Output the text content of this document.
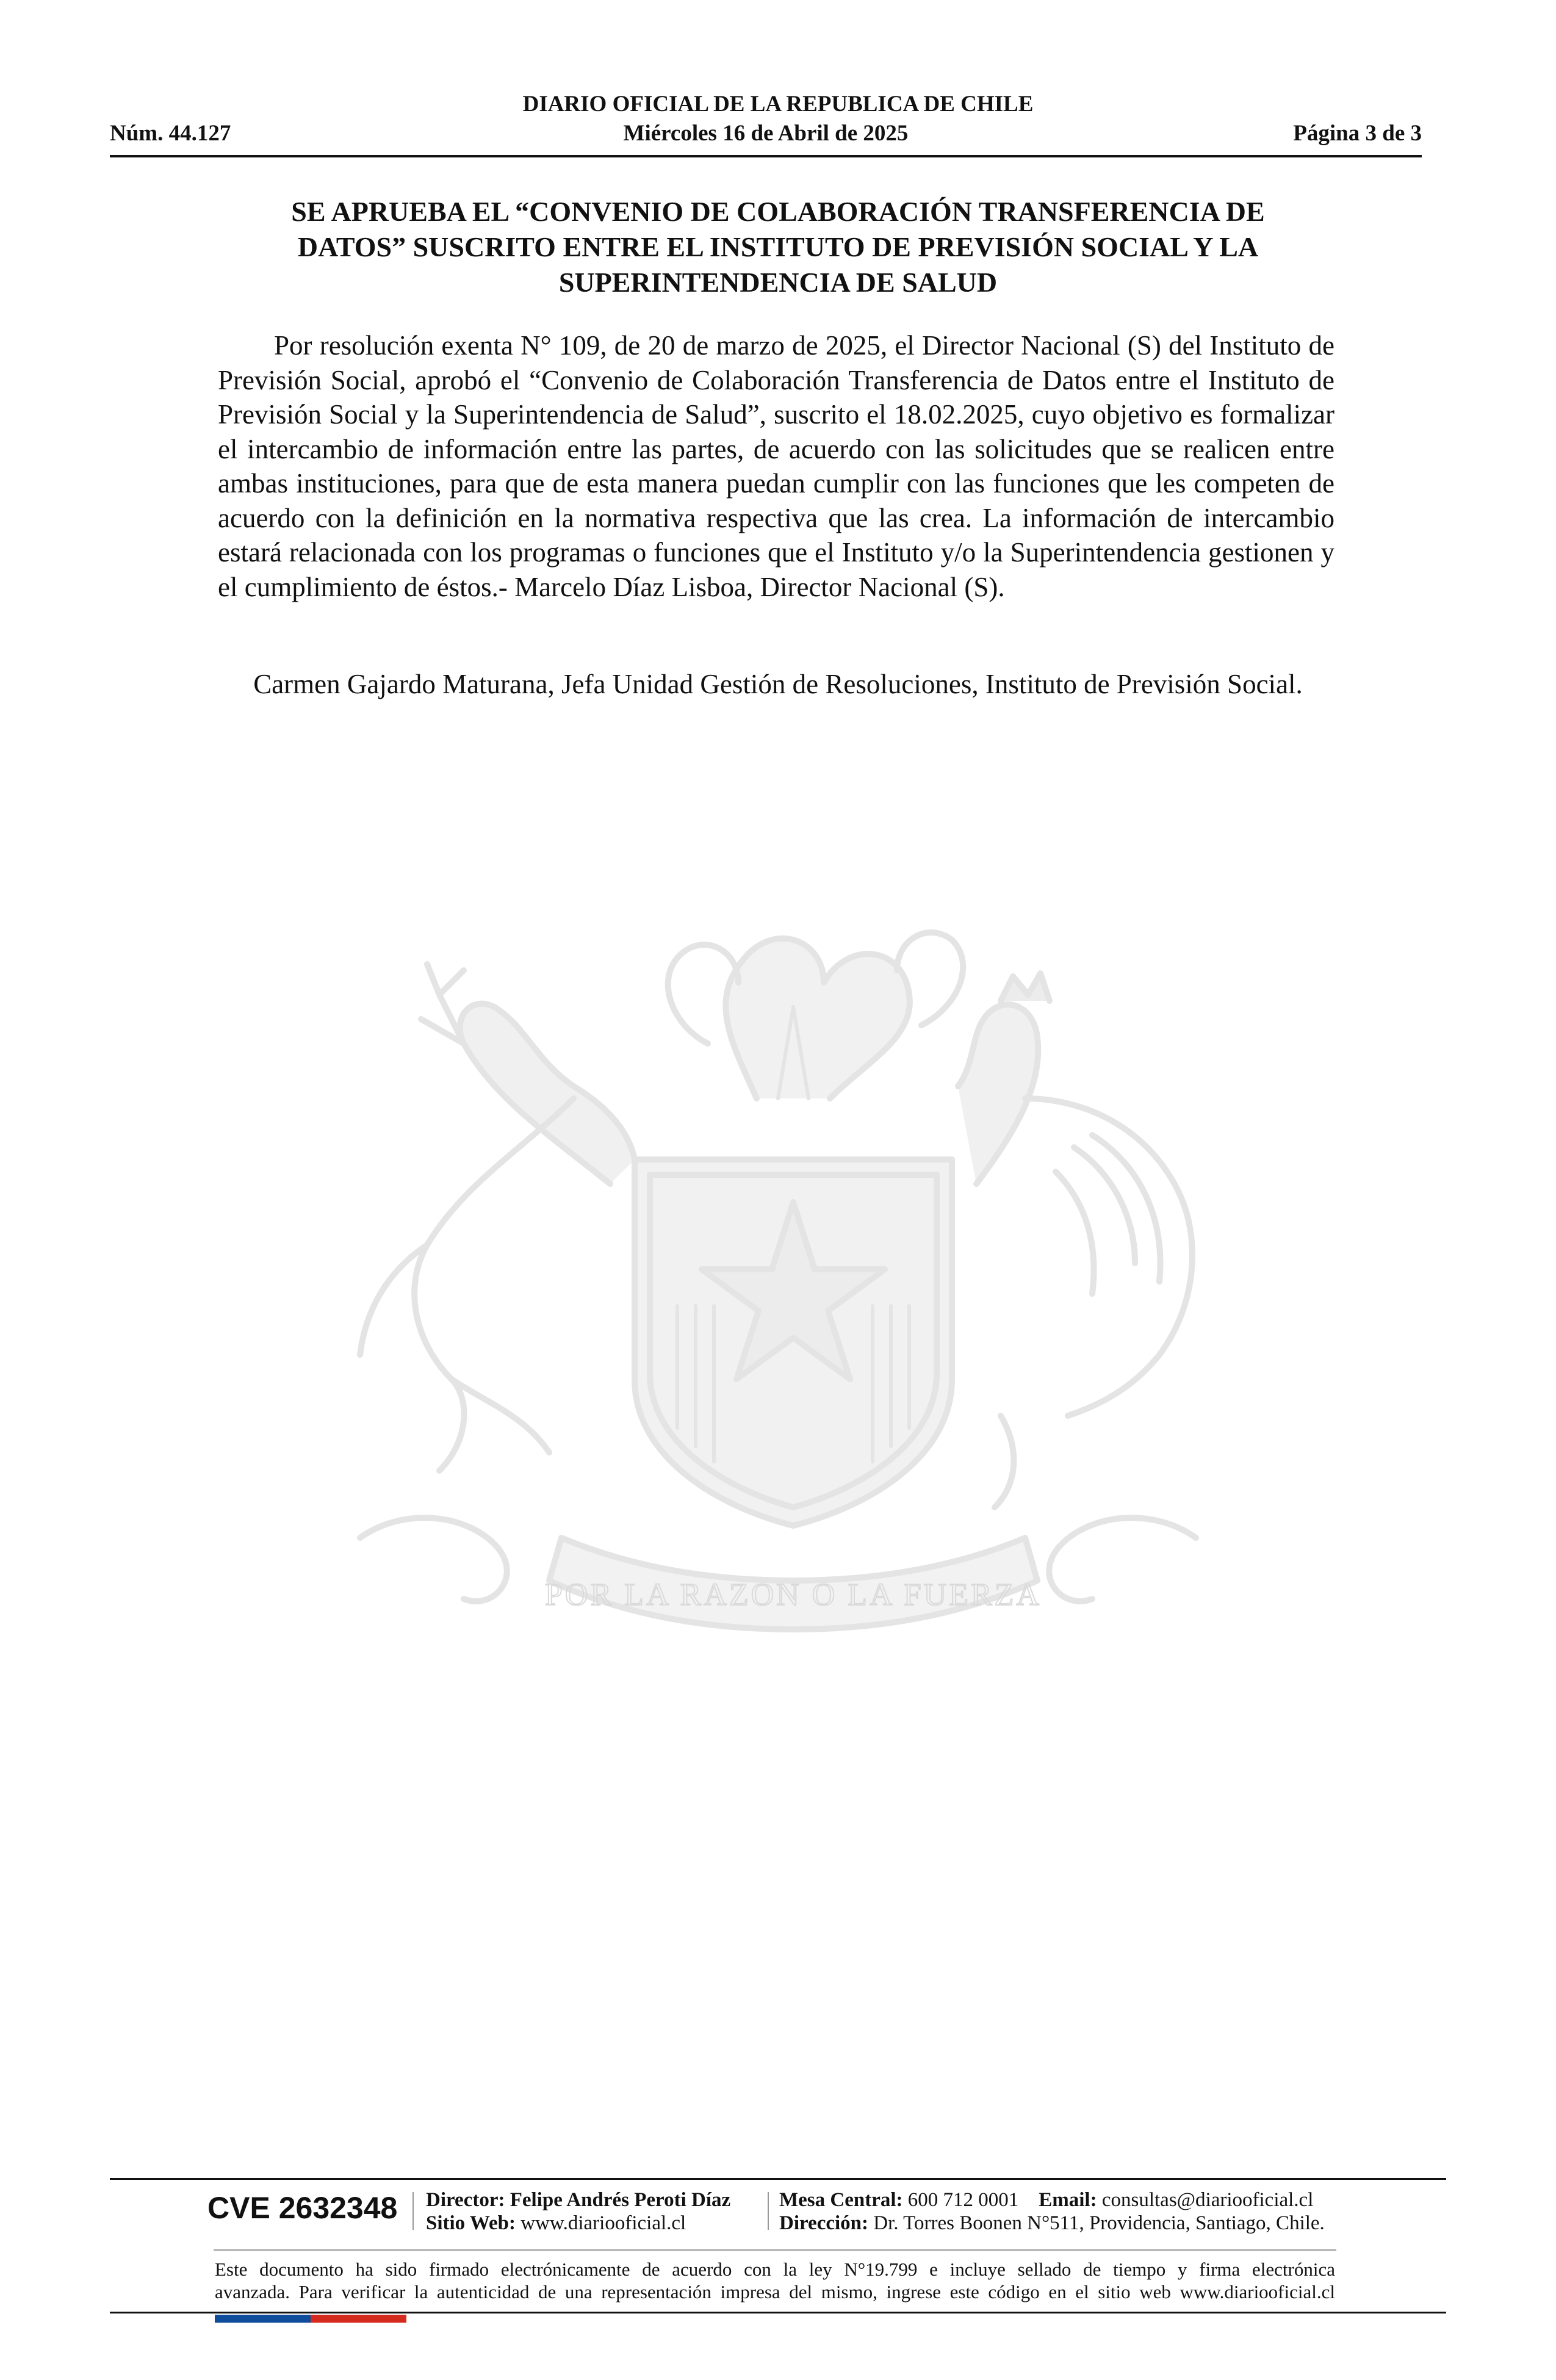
DIARIO OFICIAL DE LA REPUBLICA DE CHILE
Núm. 44.127	Miércoles 16 de Abril de 2025	Página 3 de 3
SE APRUEBA EL “CONVENIO DE COLABORACIÓN TRANSFERENCIA DE
DATOS” SUSCRITO ENTRE EL INSTITUTO DE PREVISIÓN SOCIAL Y LA
SUPERINTENDENCIA DE SALUD

Por resolución exenta N° 109, de 20 de marzo de 2025, el Director Nacional (S) del Instituto de Previsión Social, aprobó el “Convenio de Colaboración Transferencia de Datos entre el Instituto de Previsión Social y la Superintendencia de Salud”, suscrito el 18.02.2025, cuyo objetivo es formalizar el intercambio de información entre las partes, de acuerdo con las solicitudes que se realicen entre ambas instituciones, para que de esta manera puedan cumplir con las funciones que les competen de acuerdo con la definición en la normativa respectiva que las crea. La información de intercambio estará relacionada con los programas o funciones que el Instituto y/o la Superintendencia gestionen y el cumplimiento de éstos.- Marcelo Díaz Lisboa, Director Nacional (S).

Carmen Gajardo Maturana, Jefa Unidad Gestión de Resoluciones, Instituto de Previsión Social.

POR LA RAZON O LA FUERZA
CVE 2632348 Director: Felipe Andrés Peroti Díaz
Sitio Web: www.diariooficial.cl
Mesa Central: 600 712 0001 Email: consultas@diariooficial.cl
Dirección: Dr. Torres Boonen N°511, Providencia, Santiago, Chile.
Este documento ha sido firmado electrónicamente de acuerdo con la ley N°19.799 e incluye sellado de tiempo y firma electrónica
avanzada. Para verificar la autenticidad de una representación impresa del mismo, ingrese este código en el sitio web www.diariooficial.cl
